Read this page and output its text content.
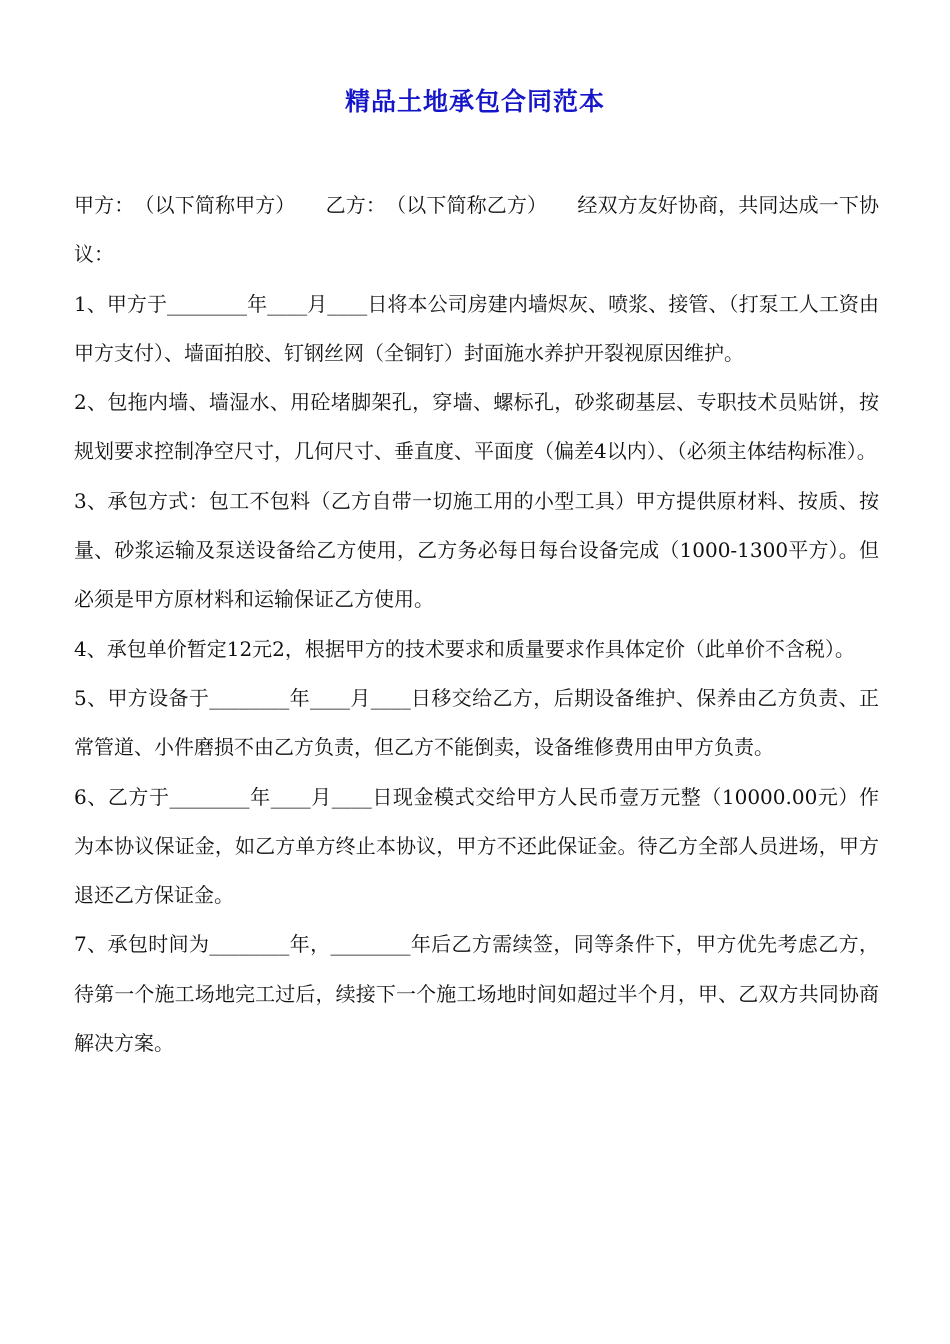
精品土地承包合同范本

甲方：　（以下简称甲方）　　乙方：　（以下简称乙方）　　经双方友好协商，共同达成一下协议：

1、甲方于________年____月____日将本公司房建内墙烬灰、喷浆、接管、（打泵工人工资由甲方支付）、墙面拍胶、钉钢丝网（全铜钉）封面施水养护开裂视原因维护。

2、包拖内墙、墙湿水、用砼堵脚架孔，穿墙、螺标孔，砂浆砌基层、专职技术员贴饼，按规划要求控制净空尺寸，几何尺寸、垂直度、平面度（偏差4以内）、（必须主体结构标准）。

3、承包方式：包工不包料（乙方自带一切施工用的小型工具）甲方提供原材料、按质、按量、砂浆运输及泵送设备给乙方使用，乙方务必每日每台设备完成（1000-1300平方）。但必须是甲方原材料和运输保证乙方使用。

4、承包单价暂定12元2，根据甲方的技术要求和质量要求作具体定价（此单价不含税）。

5、甲方设备于________年____月____日移交给乙方，后期设备维护、保养由乙方负责、正常管道、小件磨损不由乙方负责，但乙方不能倒卖，设备维修费用由甲方负责。

6、乙方于________年____月____日现金模式交给甲方人民币壹万元整（10000.00元）作为本协议保证金，如乙方单方终止本协议，甲方不还此保证金。待乙方全部人员进场，甲方退还乙方保证金。

7、承包时间为________年，________年后乙方需续签，同等条件下，甲方优先考虑乙方，待第一个施工场地完工过后，续接下一个施工场地时间如超过半个月，甲、乙双方共同协商解决方案。
